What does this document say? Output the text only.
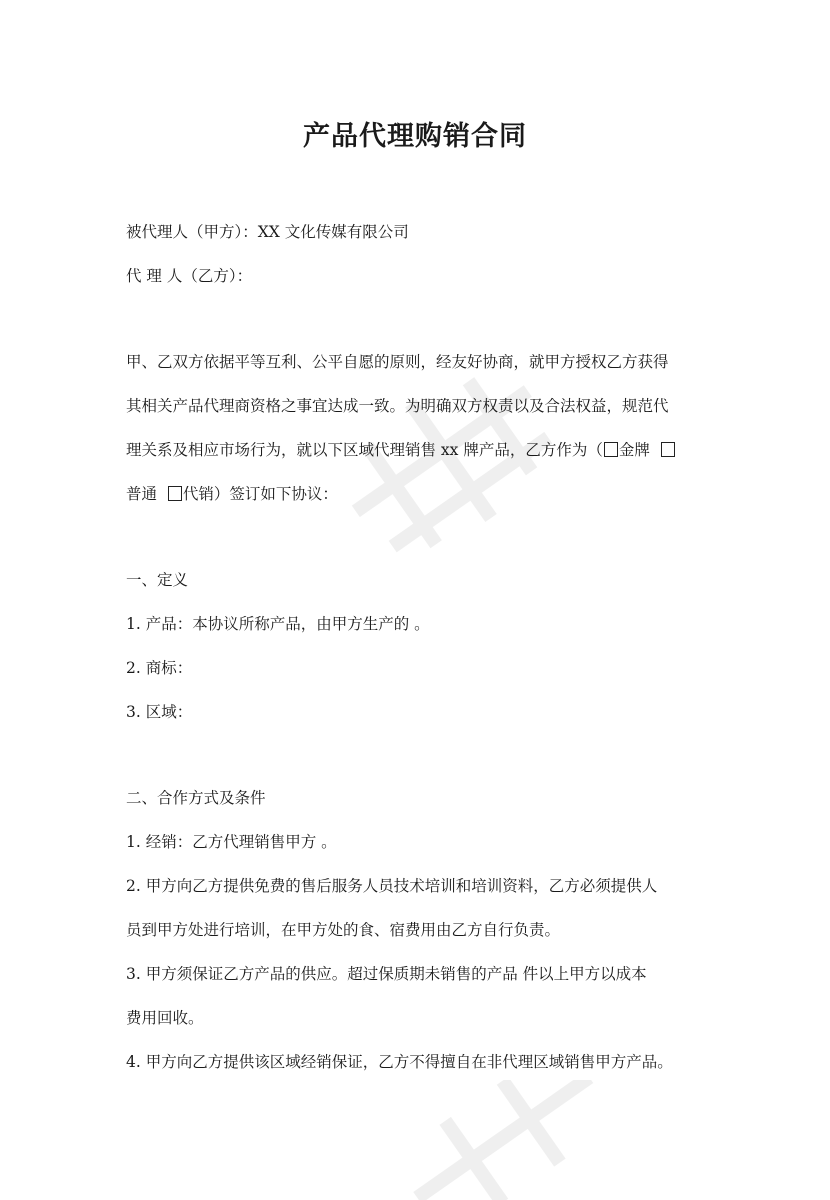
产品代理购销合同
被代理人（甲方）：XX 文化传媒有限公司
代 理 人（乙方）：
甲、乙双方依据平等互利、公平自愿的原则，经友好协商，就甲方授权乙方获得
其相关产品代理商资格之事宜达成一致。为明确双方权责以及合法权益，规范代
理关系及相应市场行为，就以下区域代理销售 xx 牌产品，乙方作为（ 金牌
普通 代销）签订如下协议：
一、定义
1. 产品：本协议所称产品，由甲方生产的 。
2. 商标：
3. 区域：
二、合作方式及条件
1. 经销：乙方代理销售甲方 。
2. 甲方向乙方提供免费的售后服务人员技术培训和培训资料，乙方必须提供人
员到甲方处进行培训，在甲方处的食、宿费用由乙方自行负责。
3. 甲方须保证乙方产品的供应。超过保质期未销售的产品 件以上甲方以成本
费用回收。
4. 甲方向乙方提供该区域经销保证，乙方不得擅自在非代理区域销售甲方产品。
